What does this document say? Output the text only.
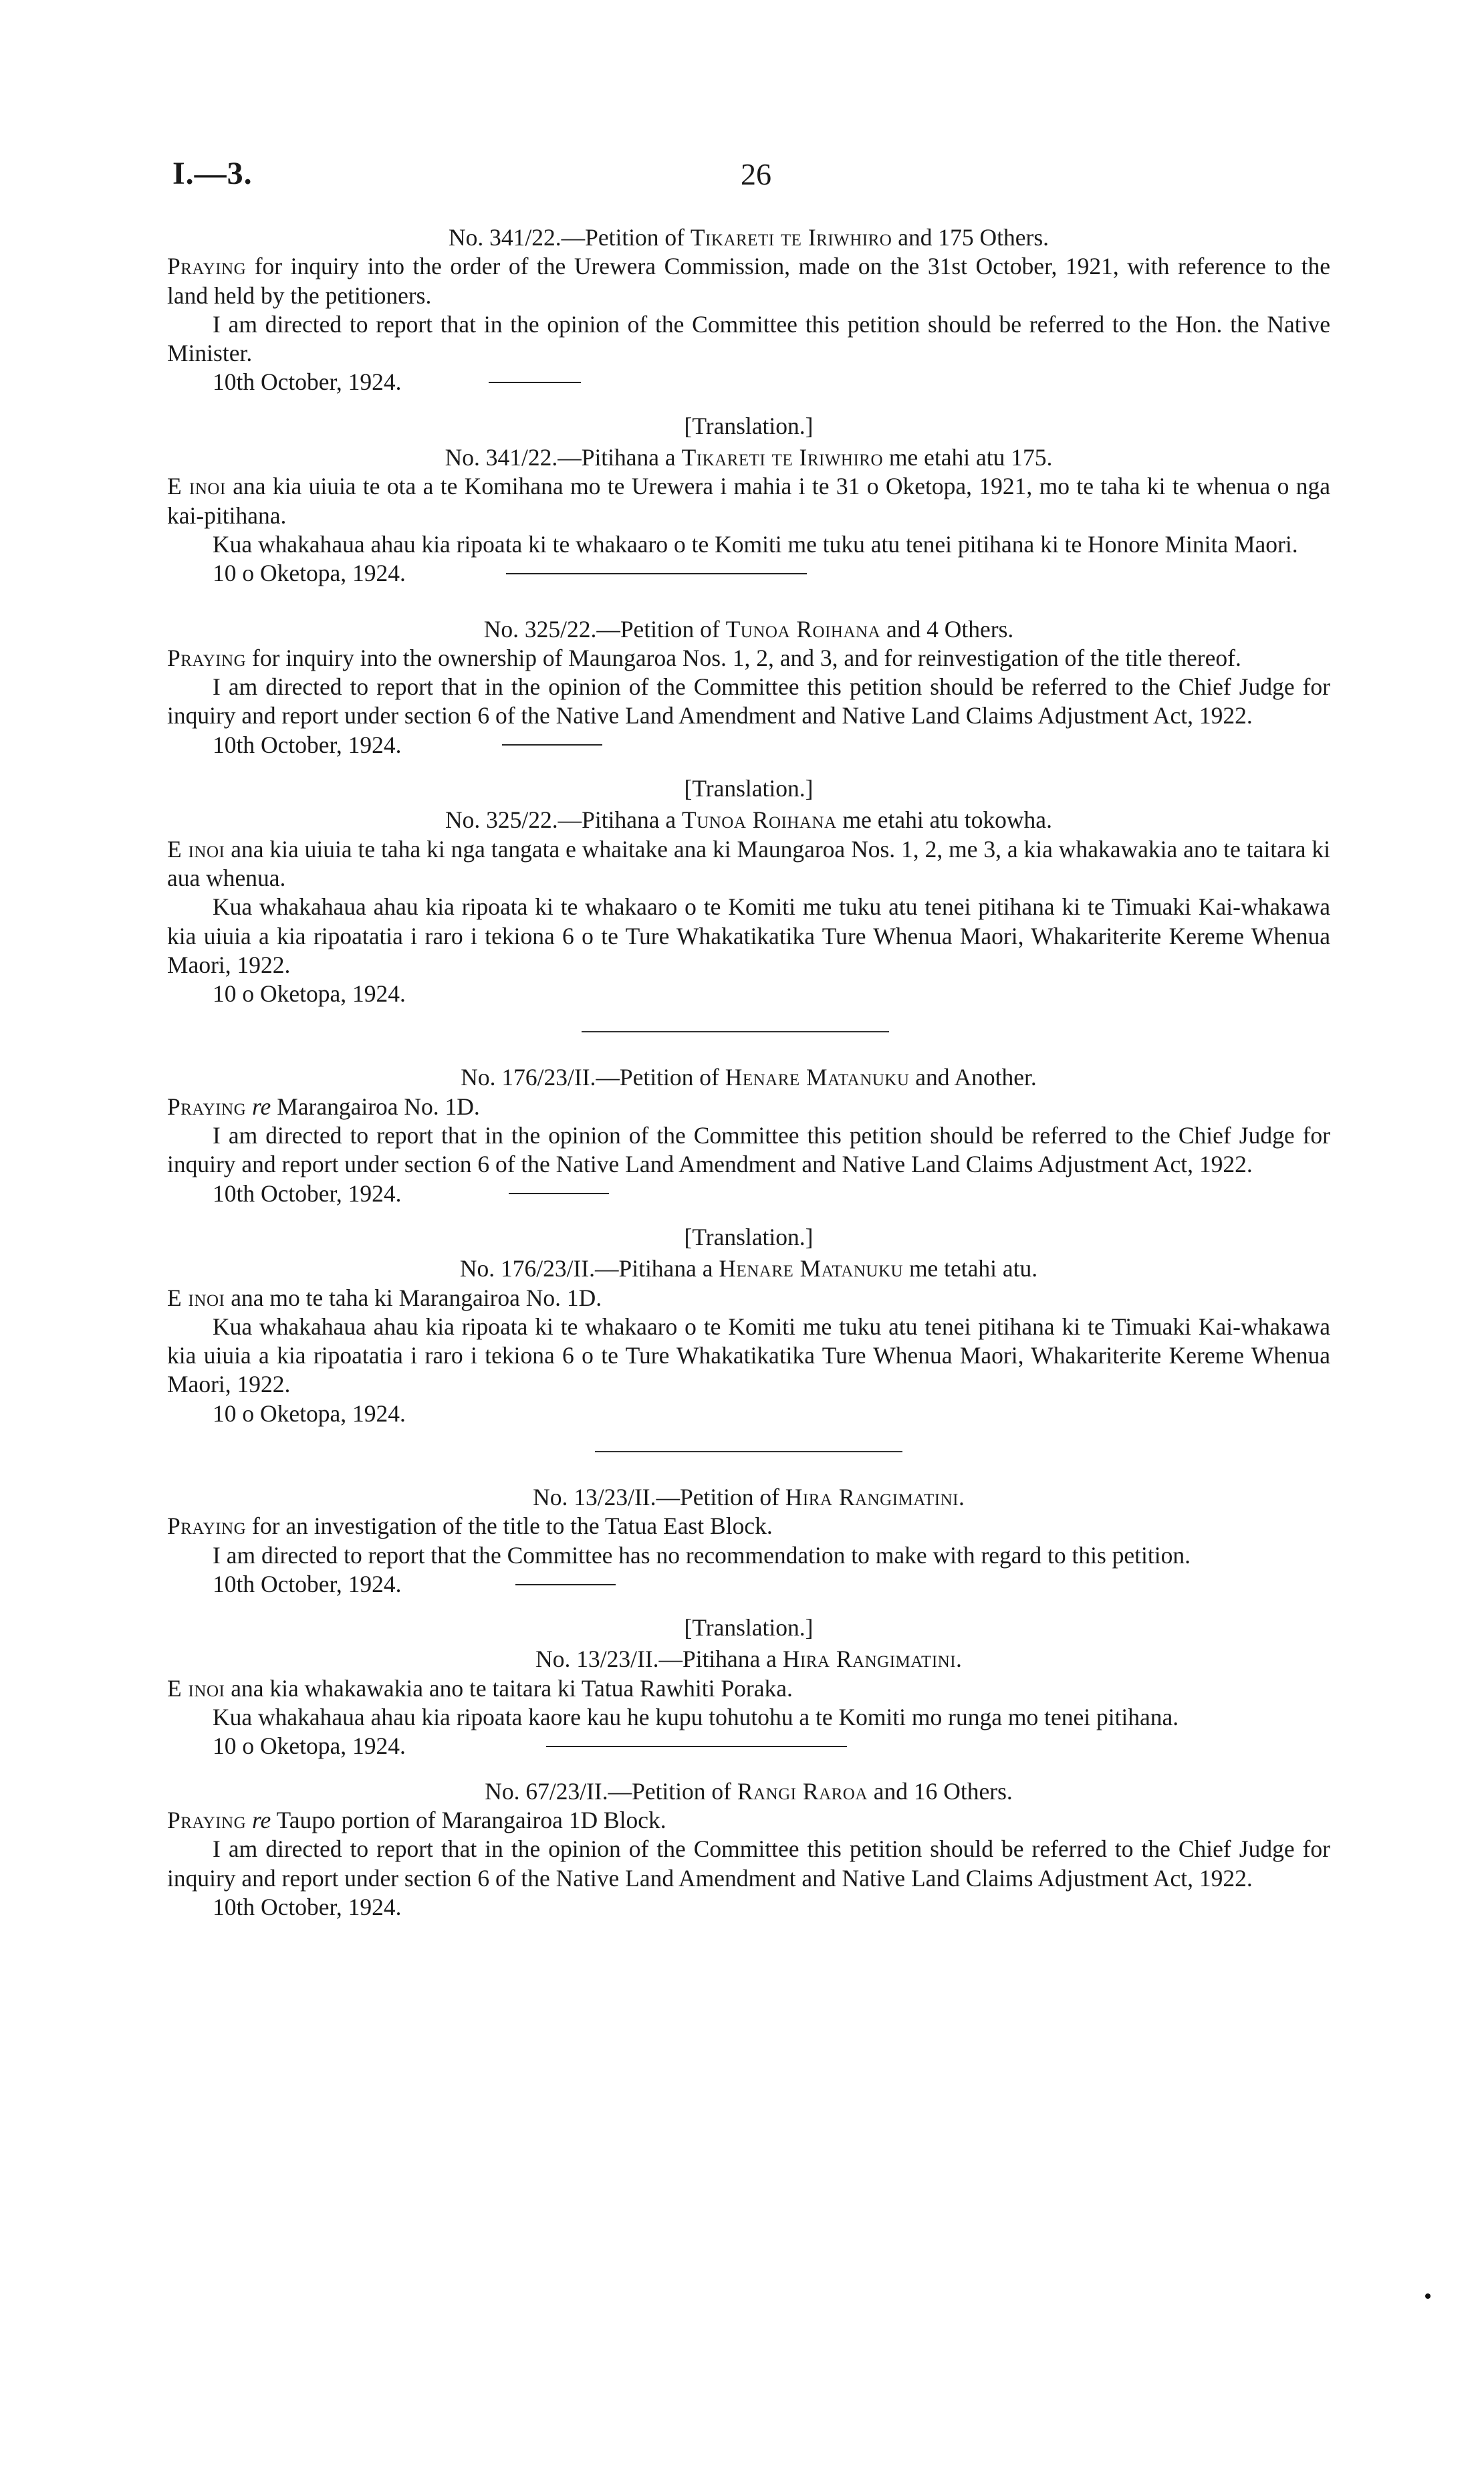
I.—3.	26
No. 341/22.—Petition of Tikareti te Iriwhiro and 175 Others.

Praying for inquiry into the order of the Urewera Commission, made on the 31st October, 1921, with reference to the land held by the petitioners.

I am directed to report that in the opinion of the Committee this petition should be referred to the Hon. the Native Minister.

10th October, 1924.
[Translation.]
No. 341/22.—Pitihana a Tikareti te Iriwhiro me etahi atu 175.

E inoi ana kia uiuia te ota a te Komihana mo te Urewera i mahia i te 31 o Oketopa, 1921, mo te taha ki te whenua o nga kai-pitihana.

Kua whakahaua ahau kia ripoata ki te whakaaro o te Komiti me tuku atu tenei pitihana ki te Honore Minita Maori.

10 o Oketopa, 1924.
No. 325/22.—Petition of Tunoa Roihana and 4 Others.

Praying for inquiry into the ownership of Maungaroa Nos. 1, 2, and 3, and for reinvestigation of the title thereof.

I am directed to report that in the opinion of the Committee this petition should be referred to the Chief Judge for inquiry and report under section 6 of the Native Land Amendment and Native Land Claims Adjustment Act, 1922.

10th October, 1924.
[Translation.]
No. 325/22.—Pitihana a Tunoa Roihana me etahi atu tokowha.

E inoi ana kia uiuia te taha ki nga tangata e whaitake ana ki Maungaroa Nos. 1, 2, me 3, a kia whakawakia ano te taitara ki aua whenua.

Kua whakahaua ahau kia ripoata ki te whakaaro o te Komiti me tuku atu tenei pitihana ki te Timuaki Kai-whakawa kia uiuia a kia ripoatatia i raro i tekiona 6 o te Ture Whakatikatika Ture Whenua Maori, Whakariterite Kereme Whenua Maori, 1922.

10 o Oketopa, 1924.
No. 176/23/II.—Petition of Henare Matanuku and Another.

Praying re Marangairoa No. 1D.

I am directed to report that in the opinion of the Committee this petition should be referred to the Chief Judge for inquiry and report under section 6 of the Native Land Amendment and Native Land Claims Adjustment Act, 1922.

10th October, 1924.
[Translation.]
No. 176/23/II.—Pitihana a Henare Matanuku me tetahi atu.

E inoi ana mo te taha ki Marangairoa No. 1D.

Kua whakahaua ahau kia ripoata ki te whakaaro o te Komiti me tuku atu tenei pitihana ki te Timuaki Kai-whakawa kia uiuia a kia ripoatatia i raro i tekiona 6 o te Ture Whakatikatika Ture Whenua Maori, Whakariterite Kereme Whenua Maori, 1922.

10 o Oketopa, 1924.
No. 13/23/II.—Petition of Hira Rangimatini.

Praying for an investigation of the title to the Tatua East Block.

I am directed to report that the Committee has no recommendation to make with regard to this petition.

10th October, 1924.
[Translation.]
No. 13/23/II.—Pitihana a Hira Rangimatini.

E inoi ana kia whakawakia ano te taitara ki Tatua Rawhiti Poraka.

Kua whakahaua ahau kia ripoata kaore kau he kupu tohutohu a te Komiti mo runga mo tenei pitihana.

10 o Oketopa, 1924.
No. 67/23/II.—Petition of Rangi Raroa and 16 Others.

Praying re Taupo portion of Marangairoa 1D Block.

I am directed to report that in the opinion of the Committee this petition should be referred to the Chief Judge for inquiry and report under section 6 of the Native Land Amendment and Native Land Claims Adjustment Act, 1922.

10th October, 1924.
